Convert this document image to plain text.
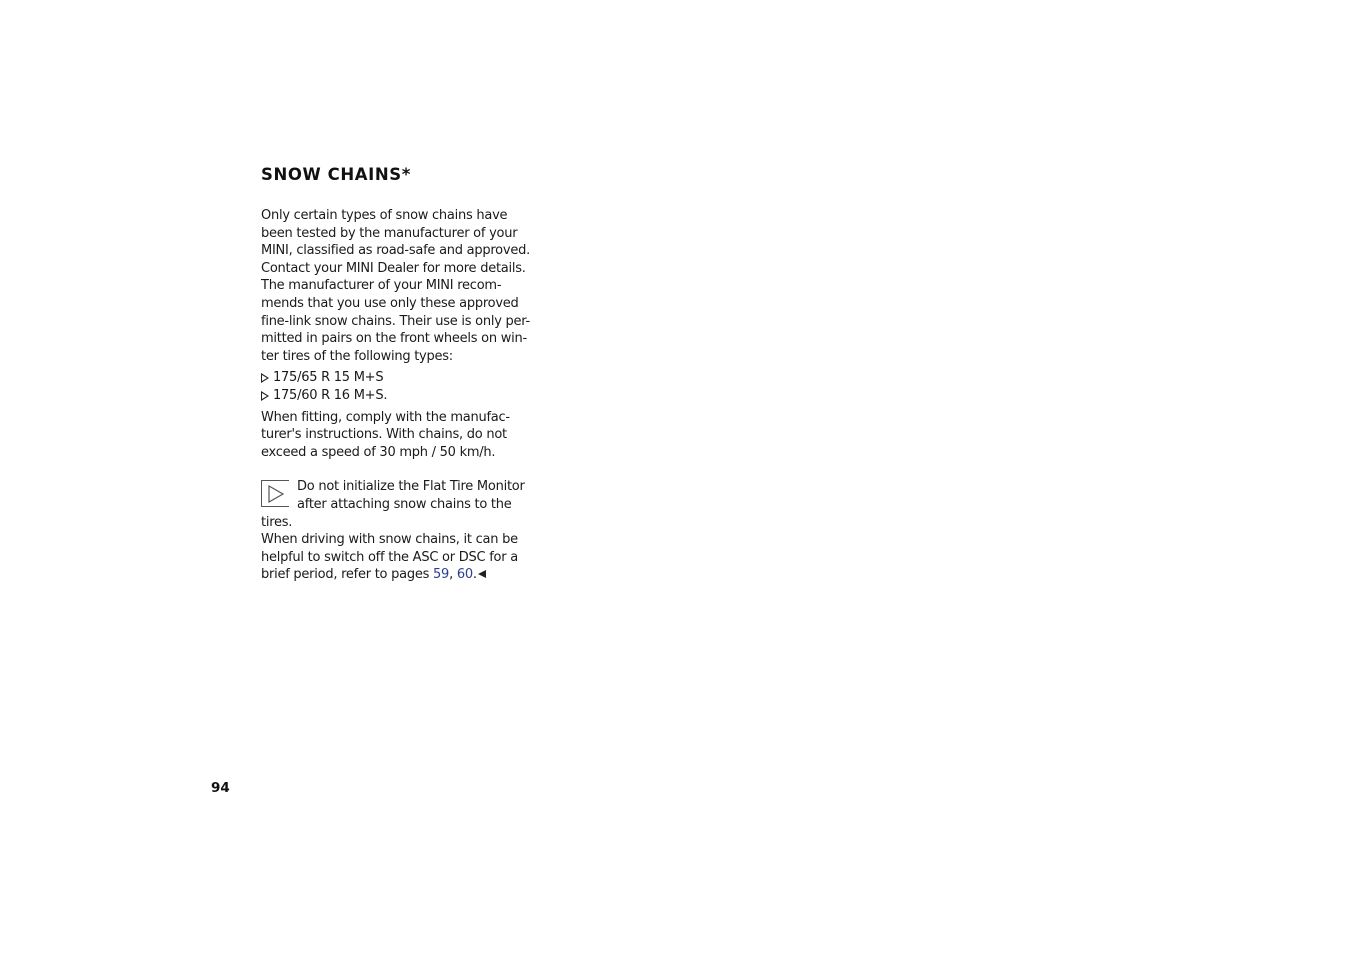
SNOW CHAINS*

Only certain types of snow chains have been tested by the manufacturer of your MINI, classified as road-safe and approved. Contact your MINI Dealer for more details. The manufacturer of your MINI recom-mends that you use only these approved fine-link snow chains. Their use is only per-mitted in pairs on the front wheels on win-ter tires of the following types:

175/65 R 15 M+S
175/60 R 16 M+S.

When fitting, comply with the manufac-turer's instructions. With chains, do not exceed a speed of 30 mph / 50 km/h.

Do not initialize the Flat Tire Monitor after attaching snow chains to the tires.

When driving with snow chains, it can be helpful to switch off the ASC or DSC for a brief period, refer to pages 59, 60.

94
